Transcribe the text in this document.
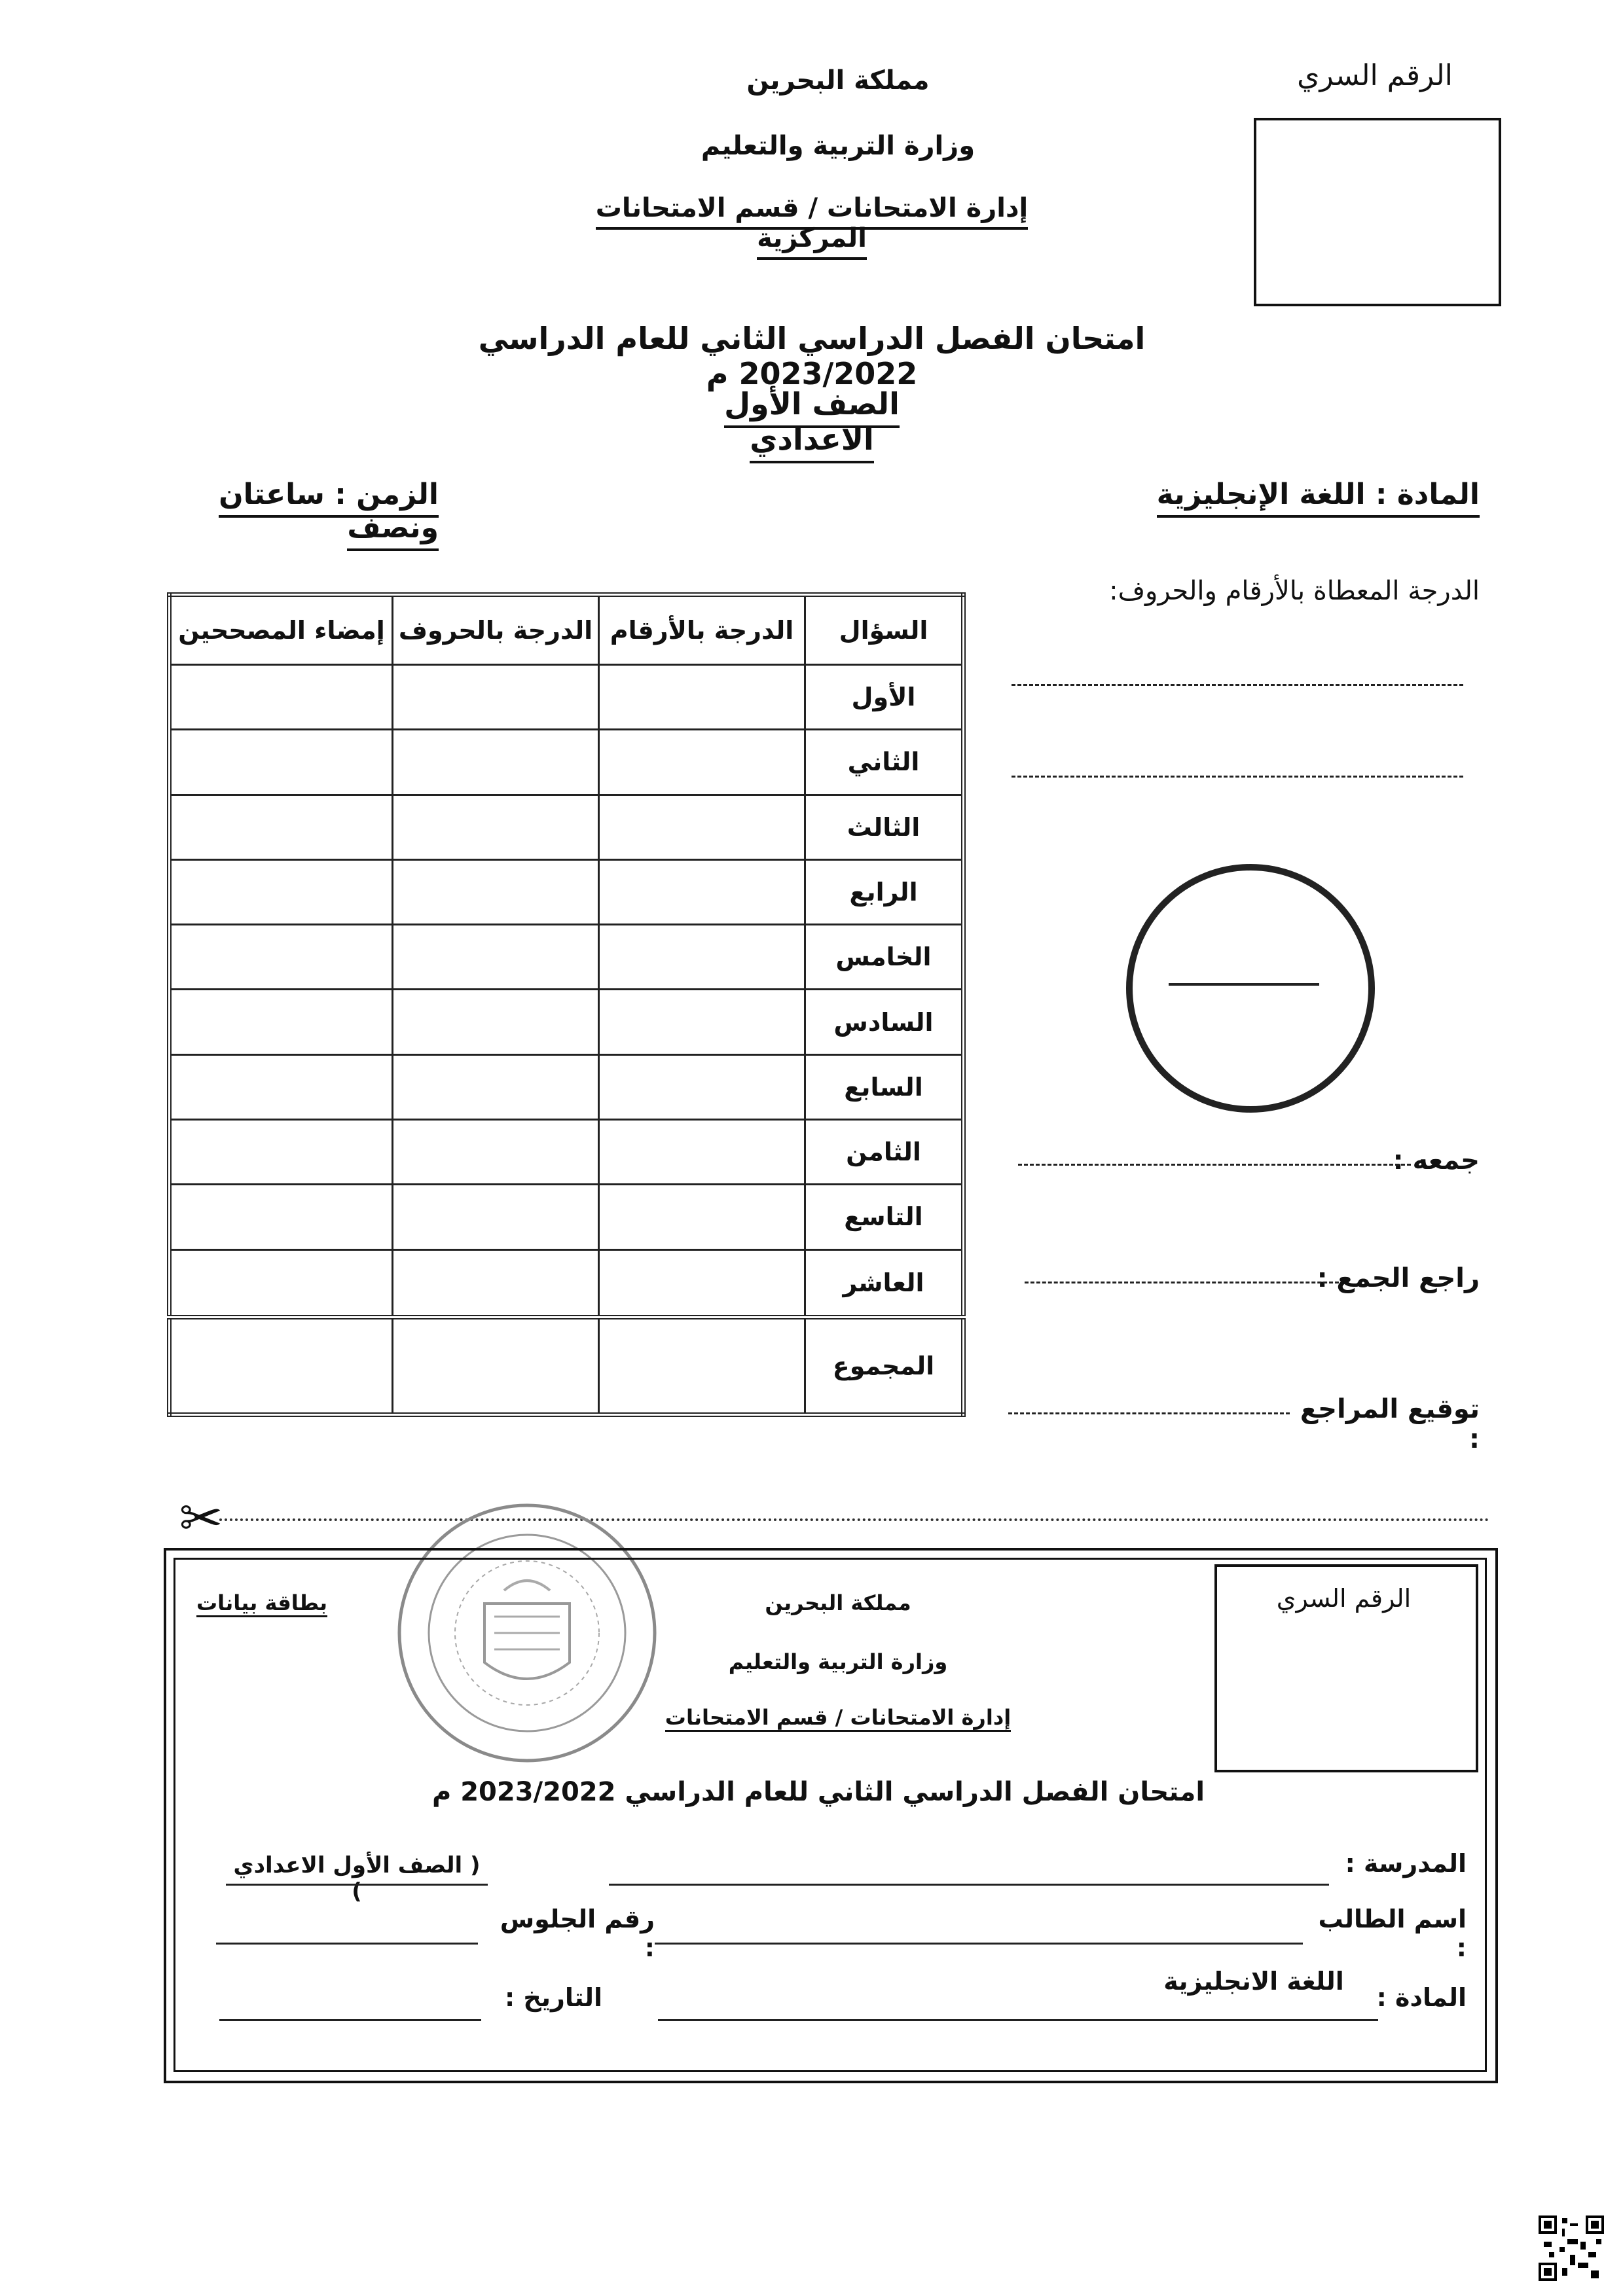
مملكة البحرين
وزارة التربية والتعليم
إدارة الامتحانات / قسم الامتحانات المركزية
الرقم السري
امتحان الفصل الدراسي الثاني للعام الدراسي 2023/2022 م
الصف الأول الاعدادي
المادة : اللغة الإنجليزية
الزمن : ساعتان ونصف
السؤال	الدرجة بالأرقام	الدرجة بالحروف	إمضاء المصححين
الأول			
الثاني			
الثالث			
الرابع			
الخامس			
السادس			
السابع			
الثامن			
التاسع			
العاشر			
المجموع			
الدرجة المعطاة بالأرقام والحروف:
جمعه :
راجع الجمع :
توقيع المراجع :
✂
بطاقة بيانات	مملكة البحرين
وزارة التربية والتعليم
إدارة الامتحانات / قسم الامتحانات
الرقم السري
امتحان الفصل الدراسي الثاني للعام الدراسي 2023/2022 م
المدرسة :
( الصف الأول الاعدادي )
اسم الطالب :
رقم الجلوس :
المادة :
اللغة الانجليزية
التاريخ :
